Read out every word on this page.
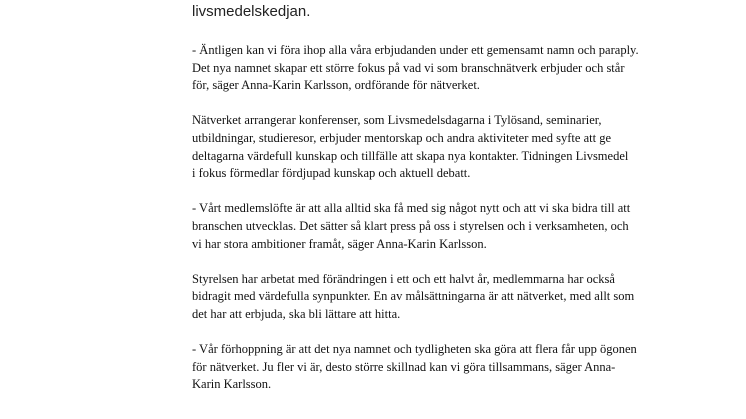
livsmedelskedjan.

- Äntligen kan vi föra ihop alla våra erbjudanden under ett gemensamt namn och paraply.
Det nya namnet skapar ett större fokus på vad vi som branschnätverk erbjuder och står
för, säger Anna-Karin Karlsson, ordförande för nätverket.

Nätverket arrangerar konferenser, som Livsmedelsdagarna i Tylösand, seminarier,
utbildningar, studieresor, erbjuder mentorskap och andra aktiviteter med syfte att ge
deltagarna värdefull kunskap och tillfälle att skapa nya kontakter. Tidningen Livsmedel
i fokus förmedlar fördjupad kunskap och aktuell debatt.

- Vårt medlemslöfte är att alla alltid ska få med sig något nytt och att vi ska bidra till att
branschen utvecklas. Det sätter så klart press på oss i styrelsen och i verksamheten, och
vi har stora ambitioner framåt, säger Anna-Karin Karlsson.

Styrelsen har arbetat med förändringen i ett och ett halvt år, medlemmarna har också
bidragit med värdefulla synpunkter. En av målsättningarna är att nätverket, med allt som
det har att erbjuda, ska bli lättare att hitta.

- Vår förhoppning är att det nya namnet och tydligheten ska göra att flera får upp ögonen
för nätverket. Ju fler vi är, desto större skillnad kan vi göra tillsammans, säger Anna-
Karin Karlsson.
